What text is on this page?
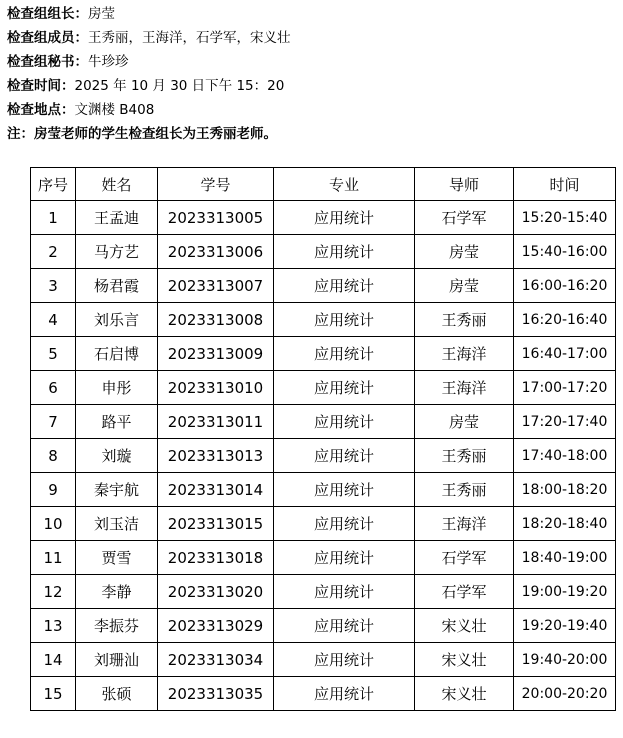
检查组组长：房莹
检查组成员：王秀丽，王海洋，石学军，宋义壮
检查组秘书：牛珍珍
检查时间：2025 年 10 月 30 日下午 15：20
检查地点：文渊楼 B408
注：房莹老师的学生检查组长为王秀丽老师。
序号	姓名	学号	专业	导师	时间
1	王孟迪	2023313005	应用统计	石学军	15:20-15:40
2	马方艺	2023313006	应用统计	房莹	15:40-16:00
3	杨君霞	2023313007	应用统计	房莹	16:00-16:20
4	刘乐言	2023313008	应用统计	王秀丽	16:20-16:40
5	石启博	2023313009	应用统计	王海洋	16:40-17:00
6	申彤	2023313010	应用统计	王海洋	17:00-17:20
7	路平	2023313011	应用统计	房莹	17:20-17:40
8	刘璇	2023313013	应用统计	王秀丽	17:40-18:00
9	秦宇航	2023313014	应用统计	王秀丽	18:00-18:20
10	刘玉洁	2023313015	应用统计	王海洋	18:20-18:40
11	贾雪	2023313018	应用统计	石学军	18:40-19:00
12	李静	2023313020	应用统计	石学军	19:00-19:20
13	李振芬	2023313029	应用统计	宋义壮	19:20-19:40
14	刘珊汕	2023313034	应用统计	宋义壮	19:40-20:00
15	张硕	2023313035	应用统计	宋义壮	20:00-20:20
